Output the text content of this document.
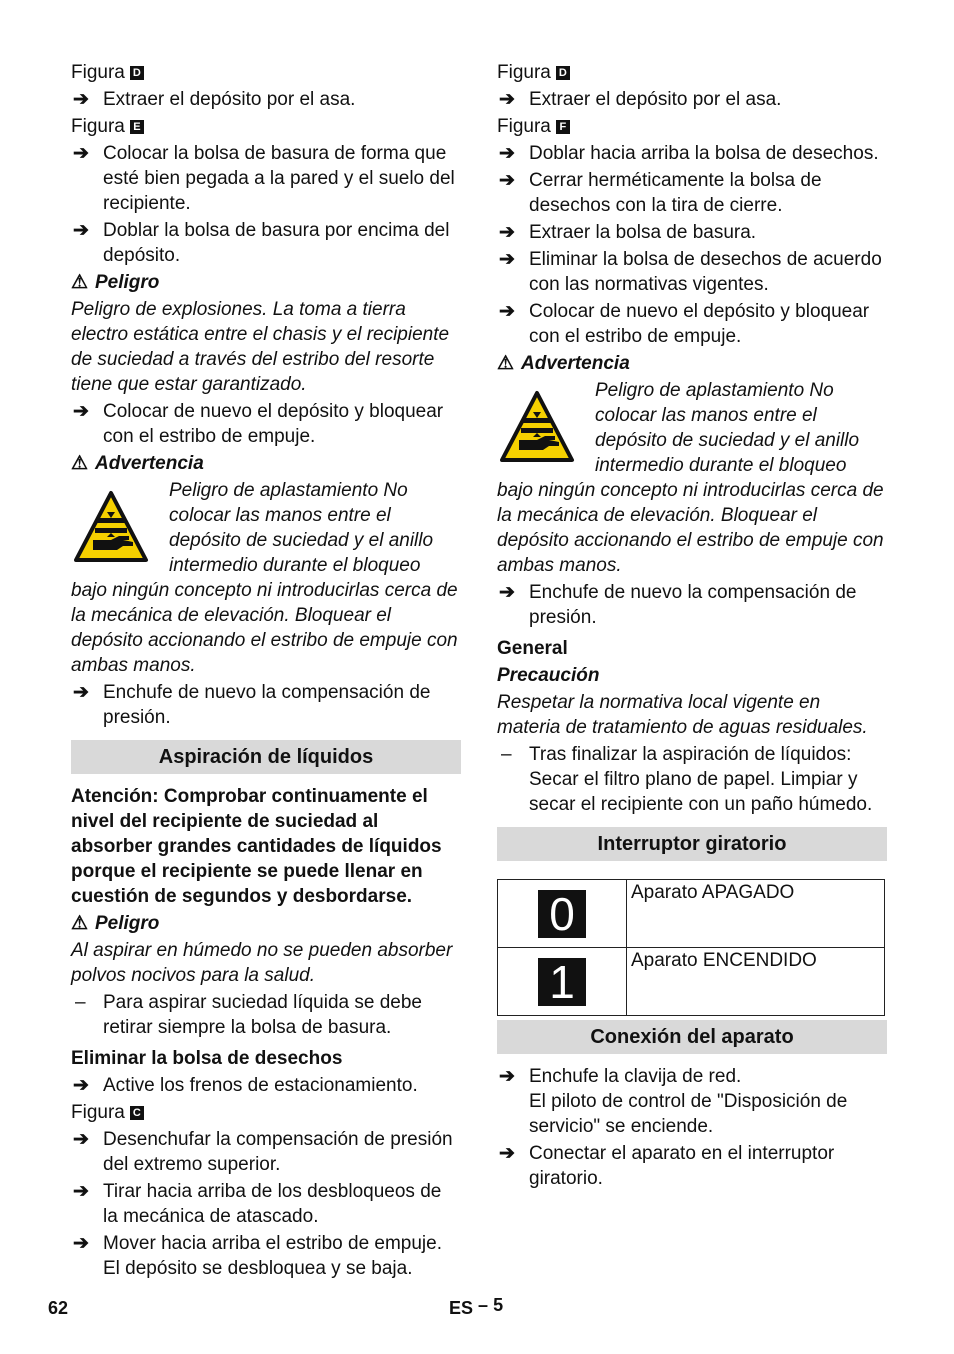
Figura D
➔ Extraer el depósito por el asa.
Figura E
➔ Colocar la bolsa de basura de forma que esté bien pegada a la pared y el suelo del recipiente.
➔ Doblar la bolsa de basura por encima del depósito.
⚠ Peligro
Peligro de explosiones. La toma a tierra electro estática entre el chasis y el recipiente de suciedad a través del estribo del resorte tiene que estar garantizado.
➔ Colocar de nuevo el depósito y bloquear con el estribo de empuje.
⚠ Advertencia
Peligro de aplastamiento No colocar las manos entre el depósito de suciedad y el anillo intermedio durante el bloqueo
bajo ningún concepto ni introducirlas cerca de la mecánica de elevación. Bloquear el depósito accionando el estribo de empuje con ambas manos.
➔ Enchufe de nuevo la compensación de presión.
Aspiración de líquidos
Atención: Comprobar continuamente el nivel del recipiente de suciedad al absorber grandes cantidades de líquidos porque el recipiente se puede llenar en cuestión de segundos y desbordarse.
⚠ Peligro
Al aspirar en húmedo no se pueden absorber polvos nocivos para la salud.
– Para aspirar suciedad líquida se debe retirar siempre la bolsa de basura.
Eliminar la bolsa de desechos
➔ Active los frenos de estacionamiento.
Figura C
➔ Desenchufar la compensación de presión del extremo superior.
➔ Tirar hacia arriba de los desbloqueos de la mecánica de atascado.
➔ Mover hacia arriba el estribo de empuje. El depósito se desbloquea y se baja.
Figura D
➔ Extraer el depósito por el asa.
Figura F
➔ Doblar hacia arriba la bolsa de desechos.
➔ Cerrar herméticamente la bolsa de desechos con la tira de cierre.
➔ Extraer la bolsa de basura.
➔ Eliminar la bolsa de desechos de acuerdo con las normativas vigentes.
➔ Colocar de nuevo el depósito y bloquear con el estribo de empuje.
⚠ Advertencia
Peligro de aplastamiento No colocar las manos entre el depósito de suciedad y el anillo intermedio durante el bloqueo
bajo ningún concepto ni introducirlas cerca de la mecánica de elevación. Bloquear el depósito accionando el estribo de empuje con ambas manos.
➔ Enchufe de nuevo la compensación de presión.
General
Precaución
Respetar la normativa local vigente en materia de tratamiento de aguas residuales.
– Tras finalizar la aspiración de líquidos: Secar el filtro plano de papel. Limpiar y secar el recipiente con un paño húmedo.
Interruptor giratorio
0	Aparato APAGADO
1	Aparato ENCENDIDO
Conexión del aparato
➔ Enchufe la clavija de red.
El piloto de control de "Disposición de servicio" se enciende.
➔ Conectar el aparato en el interruptor giratorio.
62	ES – 5
